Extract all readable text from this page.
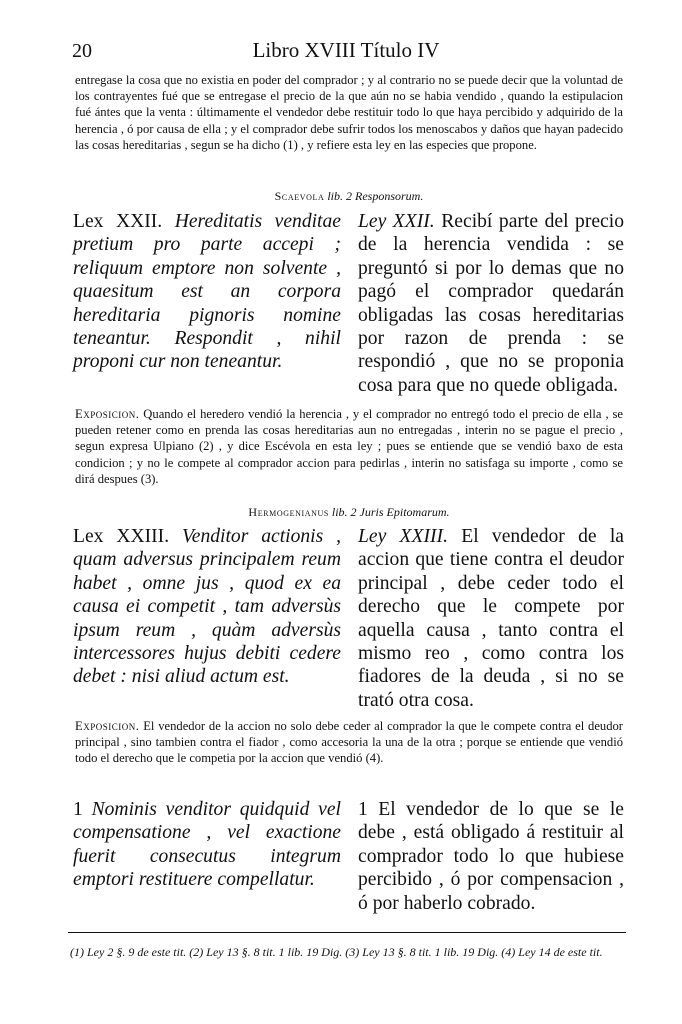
20	Libro XVIII Título IV

entregase la cosa que no existia en poder del comprador ; y al contrario no se puede decir que la voluntad de los contrayentes fué que se entregase el precio de la que aún no se habia vendido , quando la estipulacion fué ántes que la venta : últimamente el vendedor debe restituir todo lo que haya percibido y adquirido de la herencia , ó por causa de ella ; y el comprador debe sufrir todos los menoscabos y daños que hayan padecido las cosas hereditarias , segun se ha dicho (1) , y refiere esta ley en las especies que propone.

Scaevola lib. 2 Responsorum.

Lex XXII. Hereditatis venditae pretium pro parte accepi ; reliquum emptore non solvente , quaesitum est an corpora hereditaria pignoris nomine teneantur. Respondit , nihil proponi cur non teneantur.

Ley XXII. Recibí parte del precio de la herencia vendida : se preguntó si por lo demas que no pagó el comprador quedarán obligadas las cosas hereditarias por razon de prenda : se respondió , que no se proponia cosa para que no quede obligada.

Exposicion. Quando el heredero vendió la herencia , y el comprador no entregó todo el precio de ella , se pueden retener como en prenda las cosas hereditarias aun no entregadas , interin no se pague el precio , segun expresa Ulpiano (2) , y dice Escévola en esta ley ; pues se entiende que se vendió baxo de esta condicion ; y no le compete al comprador accion para pedirlas , interin no satisfaga su importe , como se dirá despues (3).

Hermogenianus lib. 2 Juris Epitomarum.

Lex XXIII. Venditor actionis , quam adversus principalem reum habet , omne jus , quod ex ea causa ei competit , tam adversùs ipsum reum , quàm adversùs intercessores hujus debiti cedere debet : nisi aliud actum est.

Ley XXIII. El vendedor de la accion que tiene contra el deudor principal , debe ceder todo el derecho que le compete por aquella causa , tanto contra el mismo reo , como contra los fiadores de la deuda , si no se trató otra cosa.

Exposicion. El vendedor de la accion no solo debe ceder al comprador la que le compete contra el deudor principal , sino tambien contra el fiador , como accesoria la una de la otra ; porque se entiende que vendió todo el derecho que le competia por la accion que vendió (4).

1 Nominis venditor quidquid vel compensatione , vel exactione fuerit consecutus integrum emptori restituere compellatur.

1 El vendedor de lo que se le debe , está obligado á restituir al comprador todo lo que hubiese percibido , ó por compensacion , ó por haberlo cobrado.

(1) Ley 2 §. 9 de este tit. (2) Ley 13 §. 8 tit. 1 lib. 19 Dig. (3) Ley 13 §. 8 tit. 1 lib. 19 Dig. (4) Ley 14 de este tit.
